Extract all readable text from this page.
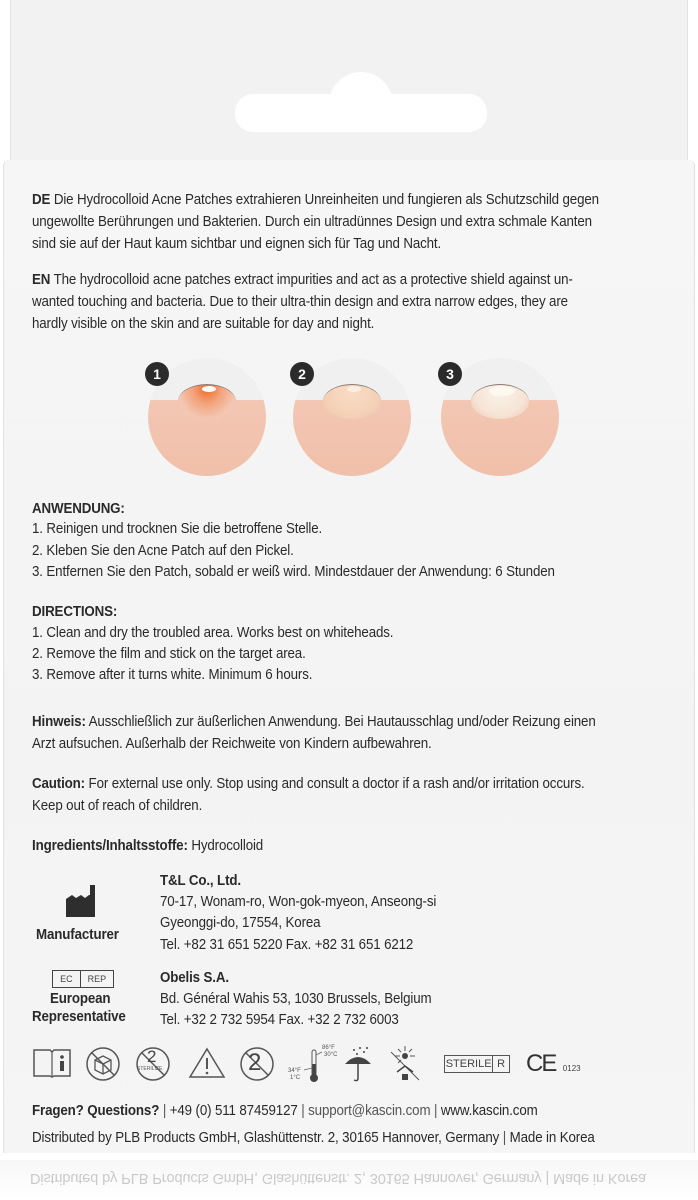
DE Die Hydrocolloid Acne Patches extrahieren Unreinheiten und fungieren als Schutzschild gegen
ungewollte Berührungen und Bakterien. Durch ein ultradünnes Design und extra schmale Kanten
sind sie auf der Haut kaum sichtbar und eignen sich für Tag und Nacht.
EN The hydrocolloid acne patches extract impurities and act as a protective shield against un-
wanted touching and bacteria. Due to their ultra-thin design and extra narrow edges, they are
hardly visible on the skin and are suitable for day and night.
1	2	3
ANWENDUNG:
1. Reinigen und trocknen Sie die betroffene Stelle.
2. Kleben Sie den Acne Patch auf den Pickel.
3. Entfernen Sie den Patch, sobald er weiß wird. Mindestdauer der Anwendung: 6 Stunden
DIRECTIONS:
1. Clean and dry the troubled area. Works best on whiteheads.
2. Remove the film and stick on the target area.
3. Remove after it turns white. Minimum 6 hours.
Hinweis: Ausschließlich zur äußerlichen Anwendung. Bei Hautausschlag und/oder Reizung einen
Arzt aufsuchen. Außerhalb der Reichweite von Kindern aufbewahren.
Caution: For external use only. Stop using and consult a doctor if a rash and/or irritation occurs.
Keep out of reach of children.
Ingredients/Inhaltsstoffe: Hydrocolloid
Manufacturer
T&L Co., Ltd.
70-17, Wonam-ro, Won-gok-myeon, Anseong-si
Gyeonggi-do, 17554, Korea
Tel. +82 31 651 5220 Fax. +82 31 651 6212
EC	REP
European
Representative
Obelis S.A.
Bd. Général Wahis 53, 1030 Brussels, Belgium
Tel. +32 2 732 5954 Fax. +32 2 732 6003
2
STERILIZE	2
86°F
30°C
34°F
1°C
STERILE R CE 0123
Fragen? Questions? | +49 (0) 511 87459127 | support@kascin.com | www.kascin.com
Distributed by PLB Products GmbH, Glashüttenstr. 2, 30165 Hannover, Germany | Made in Korea
Distributed by PLB Products GmbH, Glashüttenstr. 2, 30165 Hannover, Germany | Made in Korea
